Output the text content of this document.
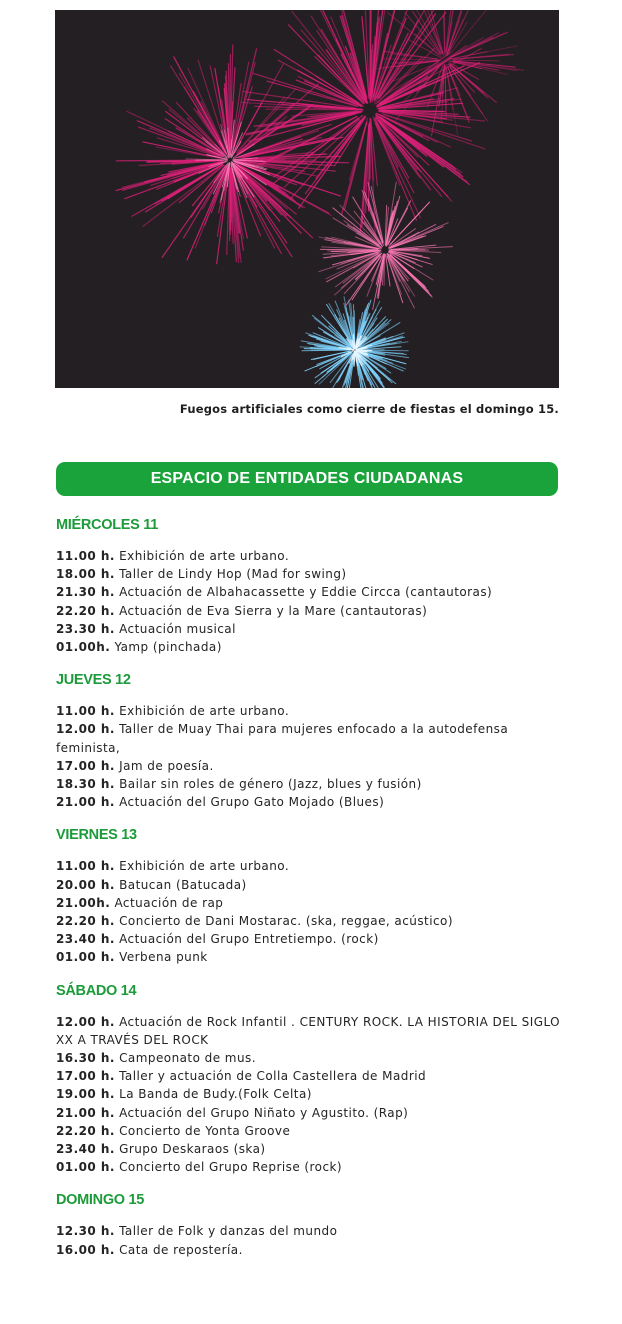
Fuegos artificiales como cierre de fiestas el domingo 15.
ESPACIO DE ENTIDADES CIUDADANAS
MIÉRCOLES 11
11.00 h. Exhibición de arte urbano.
18.00 h. Taller de Lindy Hop (Mad for swing)
21.30 h. Actuación de Albahacassette y Eddie Circca (cantautoras)
22.20 h. Actuación de Eva Sierra y la Mare (cantautoras)
23.30 h. Actuación musical
01.00h. Yamp (pinchada)
JUEVES 12
11.00 h. Exhibición de arte urbano.
12.00 h. Taller de Muay Thai para mujeres enfocado a la autodefensa feminista,
17.00 h. Jam de poesía.
18.30 h. Bailar sin roles de género (Jazz, blues y fusión)
21.00 h. Actuación del Grupo Gato Mojado (Blues)
VIERNES 13
11.00 h. Exhibición de arte urbano.
20.00 h. Batucan (Batucada)
21.00h. Actuación de rap
22.20 h. Concierto de Dani Mostarac. (ska, reggae, acústico)
23.40 h. Actuación del Grupo Entretiempo. (rock)
01.00 h. Verbena punk
SÁBADO 14
12.00 h. Actuación de Rock Infantil . CENTURY ROCK. LA HISTORIA DEL SIGLO XX A TRAVÉS DEL ROCK
16.30 h. Campeonato de mus.
17.00 h. Taller y actuación de Colla Castellera de Madrid
19.00 h. La Banda de Budy.(Folk Celta)
21.00 h. Actuación del Grupo Niñato y Agustito. (Rap)
22.20 h. Concierto de Yonta Groove
23.40 h. Grupo Deskaraos (ska)
01.00 h. Concierto del Grupo Reprise (rock)
DOMINGO 15
12.30 h. Taller de Folk y danzas del mundo
16.00 h. Cata de repostería.
